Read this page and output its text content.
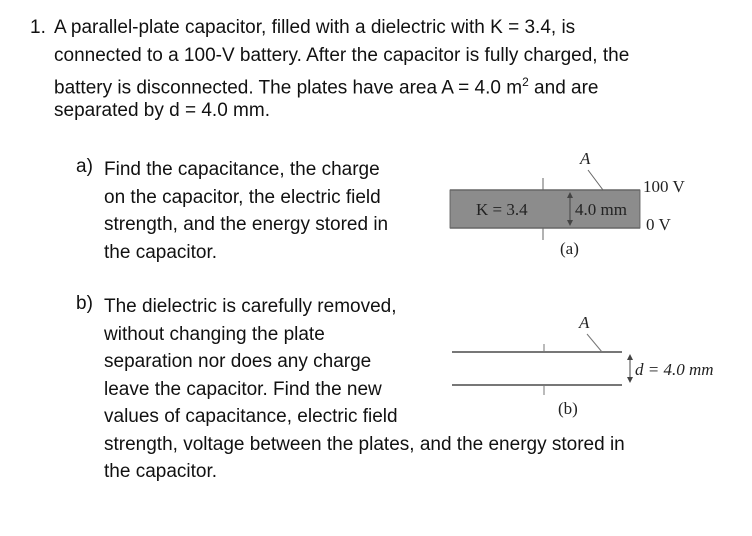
1. A parallel-plate capacitor, filled with a dielectric with K = 3.4, is
connected to a 100-V battery. After the capacitor is fully charged, the
battery is disconnected. The plates have area A = 4.0 $m^2$ and are
separated by d = 4.0 mm.
a) Find the capacitance, the charge
on the capacitor, the electric field
strength, and the energy stored in
the capacitor.
b) The dielectric is carefully removed,
without changing the plate
separation nor does any charge
leave the capacitor. Find the new
values of capacitance, electric field
strength, voltage between the plates, and the energy stored in
the capacitor.
A
K = 3.4	4.0 mm
100 V
0 V
(a)
A
d = 4.0 mm
(b)
